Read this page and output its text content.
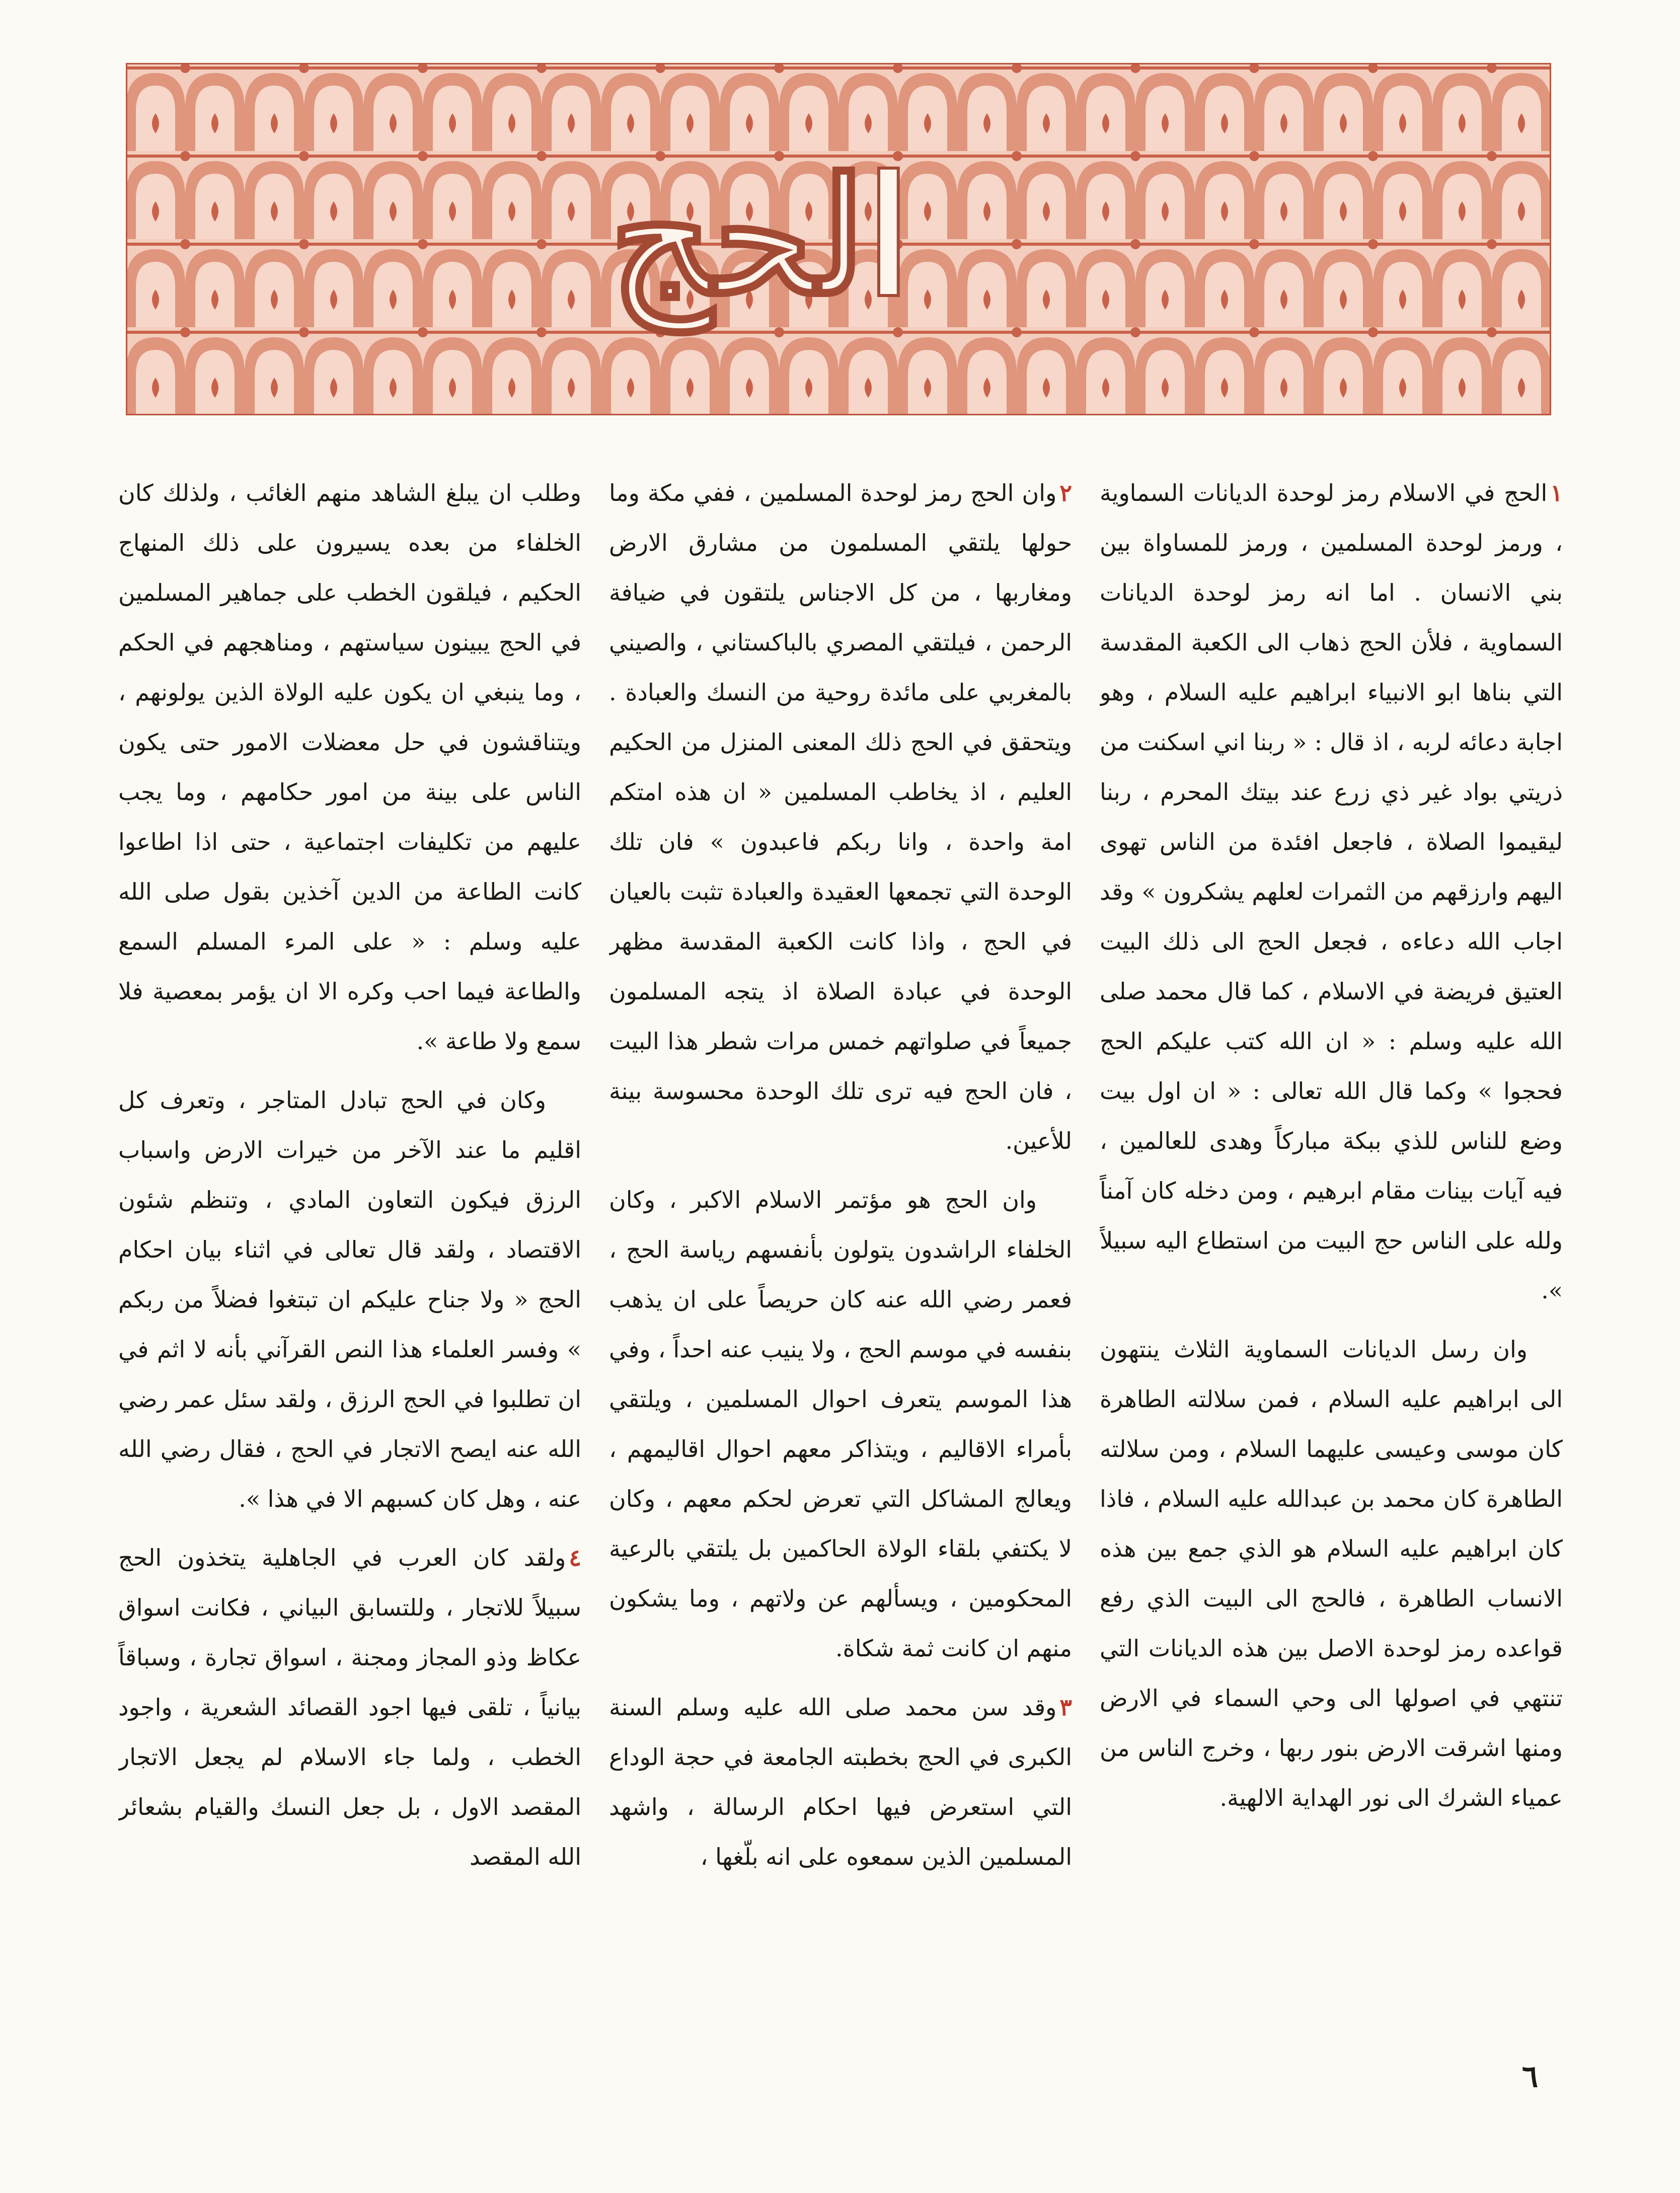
الحج

١الحج في الاسلام رمز لوحدة الديانات السماوية ، ورمز لوحدة المسلمين ، ورمز للمساواة بين بني الانسان . اما انه رمز لوحدة الديانات السماوية ، فلأن الحج ذهاب الى الكعبة المقدسة التي بناها ابو الانبياء ابراهيم عليه السلام ، وهو اجابة دعائه لربه ، اذ قال : « ربنا اني اسكنت من ذريتي بواد غير ذي زرع عند بيتك المحرم ، ربنا ليقيموا الصلاة ، فاجعل افئدة من الناس تهوى اليهم وارزقهم من الثمرات لعلهم يشكرون » وقد اجاب الله دعاءه ، فجعل الحج الى ذلك البيت العتيق فريضة في الاسلام ، كما قال محمد صلى الله عليه وسلم : « ان الله كتب عليكم الحج فحجوا » وكما قال الله تعالى : « ان اول بيت وضع للناس للذي ببكة مباركاً وهدى للعالمين ، فيه آيات بينات مقام ابرهيم ، ومن دخله كان آمناً ولله على الناس حج البيت من استطاع اليه سبيلاً ».

وان رسل الديانات السماوية الثلاث ينتهون الى ابراهيم عليه السلام ، فمن سلالته الطاهرة كان موسى وعيسى عليهما السلام ، ومن سلالته الطاهرة كان محمد بن عبدالله عليه السلام ، فاذا كان ابراهيم عليه السلام هو الذي جمع بين هذه الانساب الطاهرة ، فالحج الى البيت الذي رفع قواعده رمز لوحدة الاصل بين هذه الديانات التي تنتهي في اصولها الى وحي السماء في الارض ومنها اشرقت الارض بنور ربها ، وخرج الناس من عمياء الشرك الى نور الهداية الالهية.

٢وان الحج رمز لوحدة المسلمين ، ففي مكة وما حولها يلتقي المسلمون من مشارق الارض ومغاربها ، من كل الاجناس يلتقون في ضيافة الرحمن ، فيلتقي المصري بالباكستاني ، والصيني بالمغربي على مائدة روحية من النسك والعبادة . ويتحقق في الحج ذلك المعنى المنزل من الحكيم العليم ، اذ يخاطب المسلمين « ان هذه امتكم امة واحدة ، وانا ربكم فاعبدون » فان تلك الوحدة التي تجمعها العقيدة والعبادة تثبت بالعيان في الحج ، واذا كانت الكعبة المقدسة مظهر الوحدة في عبادة الصلاة اذ يتجه المسلمون جميعاً في صلواتهم خمس مرات شطر هذا البيت ، فان الحج فيه ترى تلك الوحدة محسوسة بينة للأعين.

وان الحج هو مؤتمر الاسلام الاكبر ، وكان الخلفاء الراشدون يتولون بأنفسهم رياسة الحج ، فعمر رضي الله عنه كان حريصاً على ان يذهب بنفسه في موسم الحج ، ولا ينيب عنه احداً ، وفي هذا الموسم يتعرف احوال المسلمين ، ويلتقي بأمراء الاقاليم ، ويتذاكر معهم احوال اقاليمهم ، ويعالج المشاكل التي تعرض لحكم معهم ، وكان لا يكتفي بلقاء الولاة الحاكمين بل يلتقي بالرعية المحكومين ، ويسألهم عن ولاتهم ، وما يشكون منهم ان كانت ثمة شكاة.

٣وقد سن محمد صلى الله عليه وسلم السنة الكبرى في الحج بخطبته الجامعة في حجة الوداع التي استعرض فيها احكام الرسالة ، واشهد المسلمين الذين سمعوه على انه بلّغها ،

وطلب ان يبلغ الشاهد منهم الغائب ، ولذلك كان الخلفاء من بعده يسيرون على ذلك المنهاج الحكيم ، فيلقون الخطب على جماهير المسلمين في الحج يبينون سياستهم ، ومناهجهم في الحكم ، وما ينبغي ان يكون عليه الولاة الذين يولونهم ، ويتناقشون في حل معضلات الامور حتى يكون الناس على بينة من امور حكامهم ، وما يجب عليهم من تكليفات اجتماعية ، حتى اذا اطاعوا كانت الطاعة من الدين آخذين بقول صلى الله عليه وسلم : « على المرء المسلم السمع والطاعة فيما احب وكره الا ان يؤمر بمعصية فلا سمع ولا طاعة ».

وكان في الحج تبادل المتاجر ، وتعرف كل اقليم ما عند الآخر من خيرات الارض واسباب الرزق فيكون التعاون المادي ، وتنظم شئون الاقتصاد ، ولقد قال تعالى في اثناء بيان احكام الحج « ولا جناح عليكم ان تبتغوا فضلاً من ربكم » وفسر العلماء هذا النص القرآني بأنه لا اثم في ان تطلبوا في الحج الرزق ، ولقد سئل عمر رضي الله عنه ايصح الاتجار في الحج ، فقال رضي الله عنه ، وهل كان كسبهم الا في هذا ».

٤ولقد كان العرب في الجاهلية يتخذون الحج سبيلاً للاتجار ، وللتسابق البياني ، فكانت اسواق عكاظ وذو المجاز ومجنة ، اسواق تجارة ، وسباقاً بيانياً ، تلقى فيها اجود القصائد الشعرية ، واجود الخطب ، ولما جاء الاسلام لم يجعل الاتجار المقصد الاول ، بل جعل النسك والقيام بشعائر الله المقصد

٦
